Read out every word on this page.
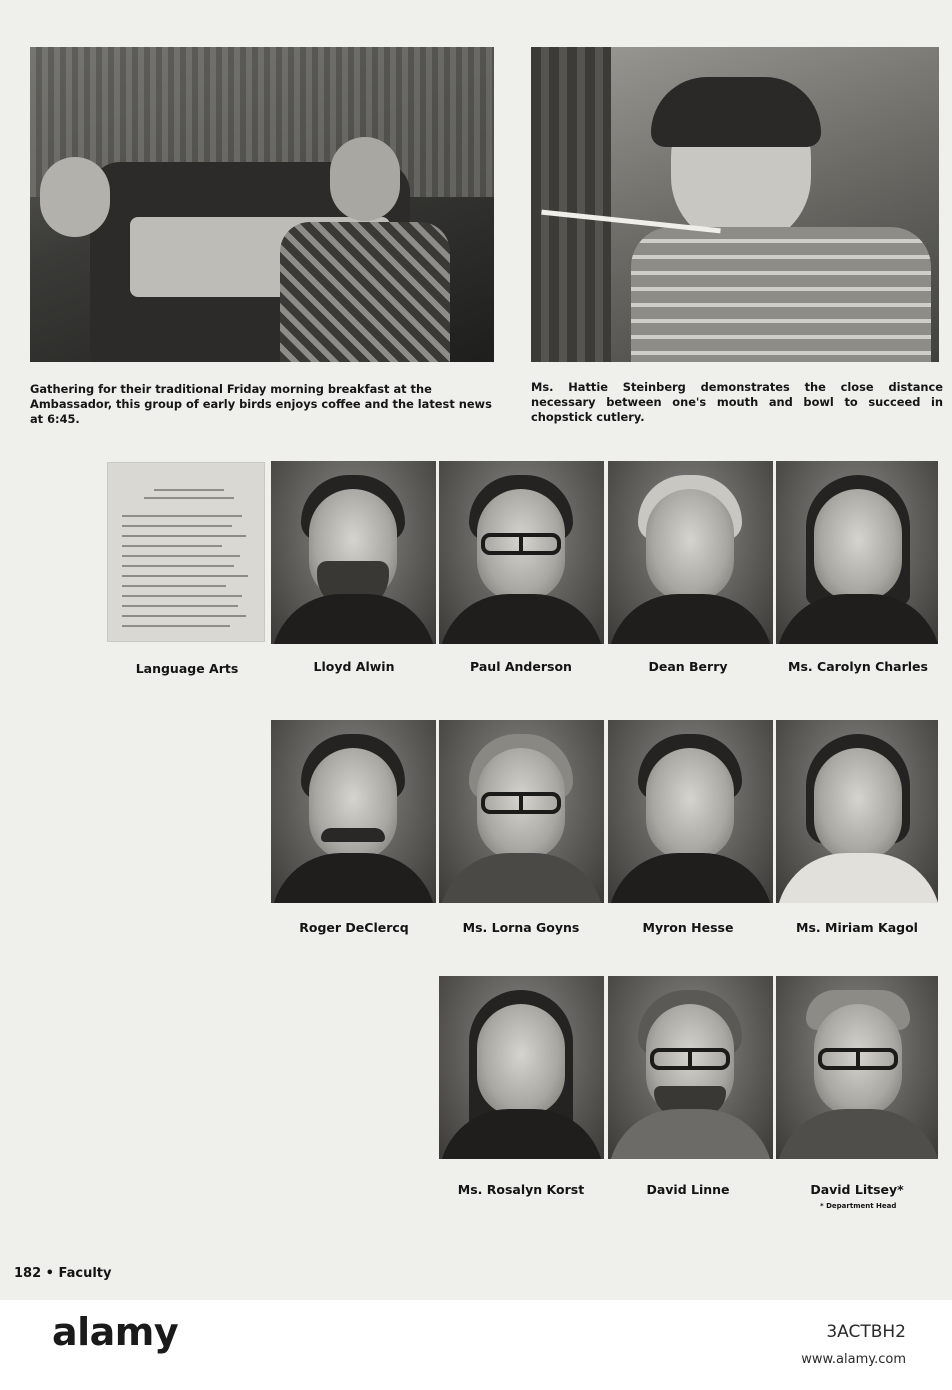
Gathering for their traditional Friday morning breakfast at the Ambassador, this group of early birds enjoys coffee and the latest news at 6:45.
Ms. Hattie Steinberg demonstrates the close distance necessary between one's mouth and bowl to succeed in chopstick cutlery.
Language Arts	Lloyd Alwin	Paul Anderson	Dean Berry	Ms. Carolyn Charles
Roger DeClercq	Ms. Lorna Goyns	Myron Hesse	Ms. Miriam Kagol
Ms. Rosalyn Korst	David Linne	David Litsey*
* Department Head
182 • Faculty
alamy	3ACTBH2
www.alamy.com
